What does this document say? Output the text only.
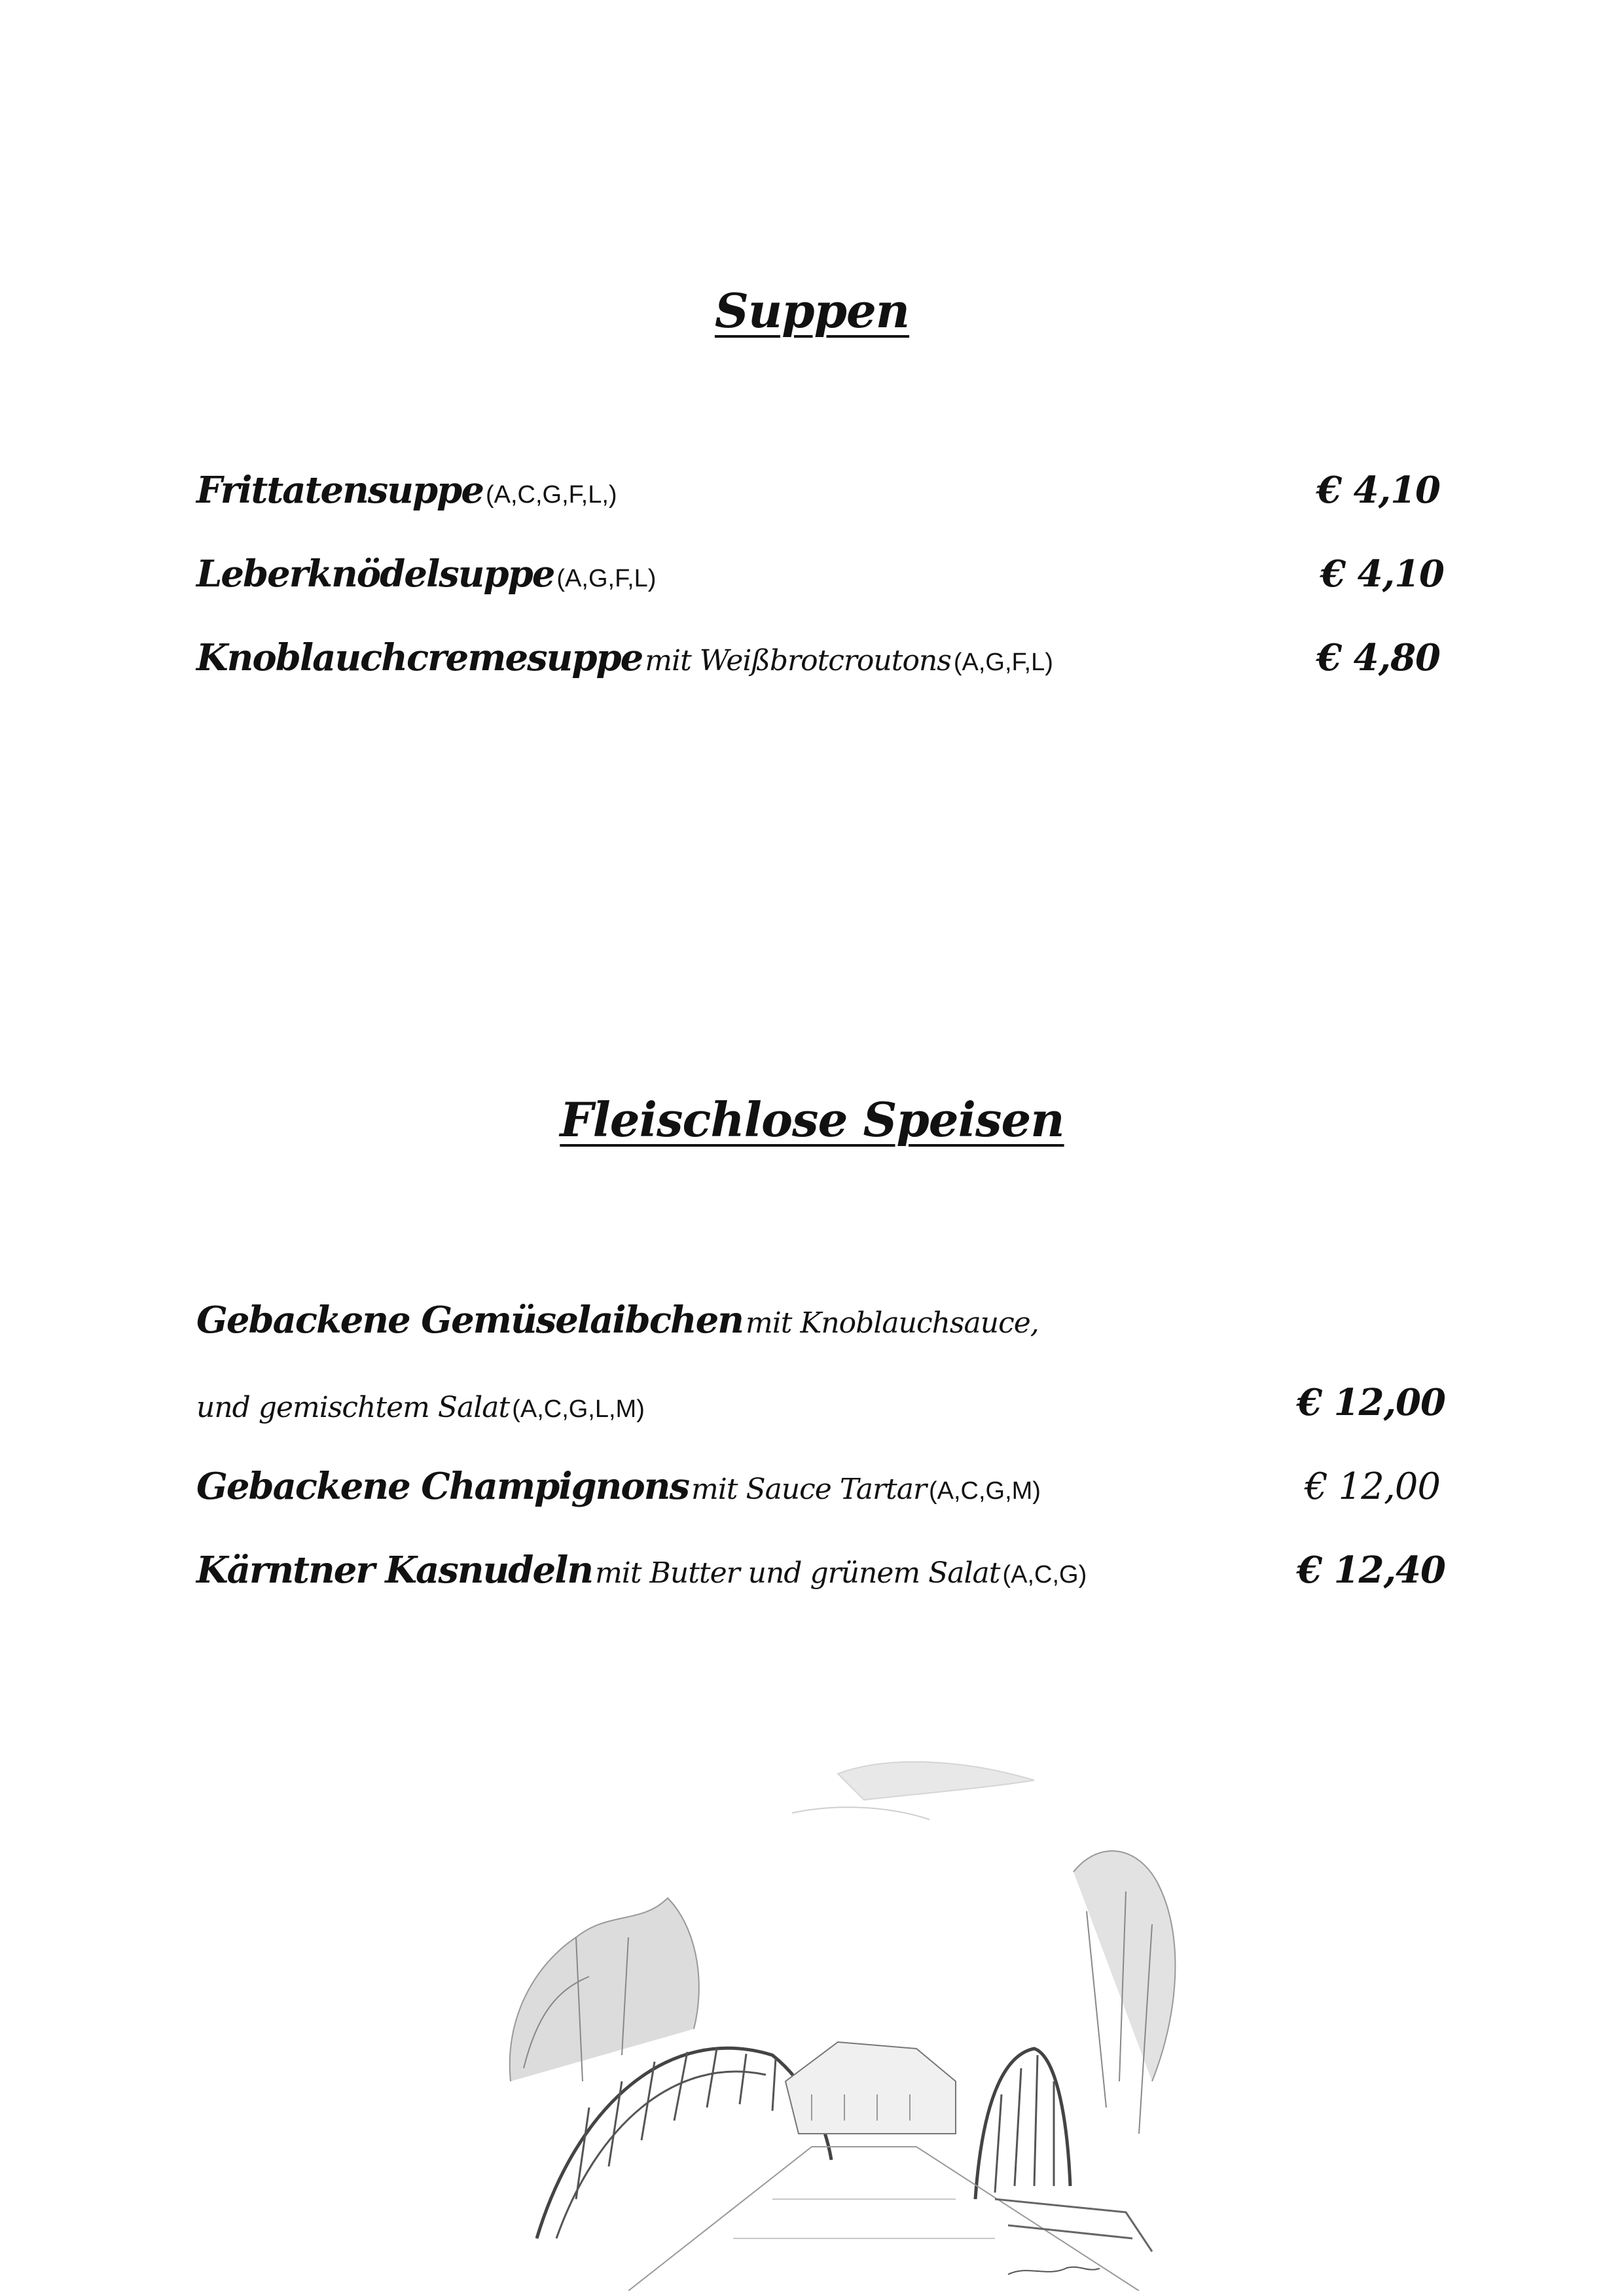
Suppen
Frittatensuppe (A,C,G,F,L,)	€ 4,10
Leberknödelsuppe (A,G,F,L)	€ 4,10
Knoblauchcremesuppe mit Weißbrotcroutons (A,G,F,L)	€ 4,80
Fleischlose Speisen
Gebackene Gemüselaibchen mit Knoblauchsauce,
und gemischtem Salat (A,C,G,L,M)	€ 12,00
Gebackene Champignons mit Sauce Tartar (A,C,G,M)	€ 12,00
Kärntner Kasnudeln mit Butter und grünem Salat (A,C,G)	€ 12,40
